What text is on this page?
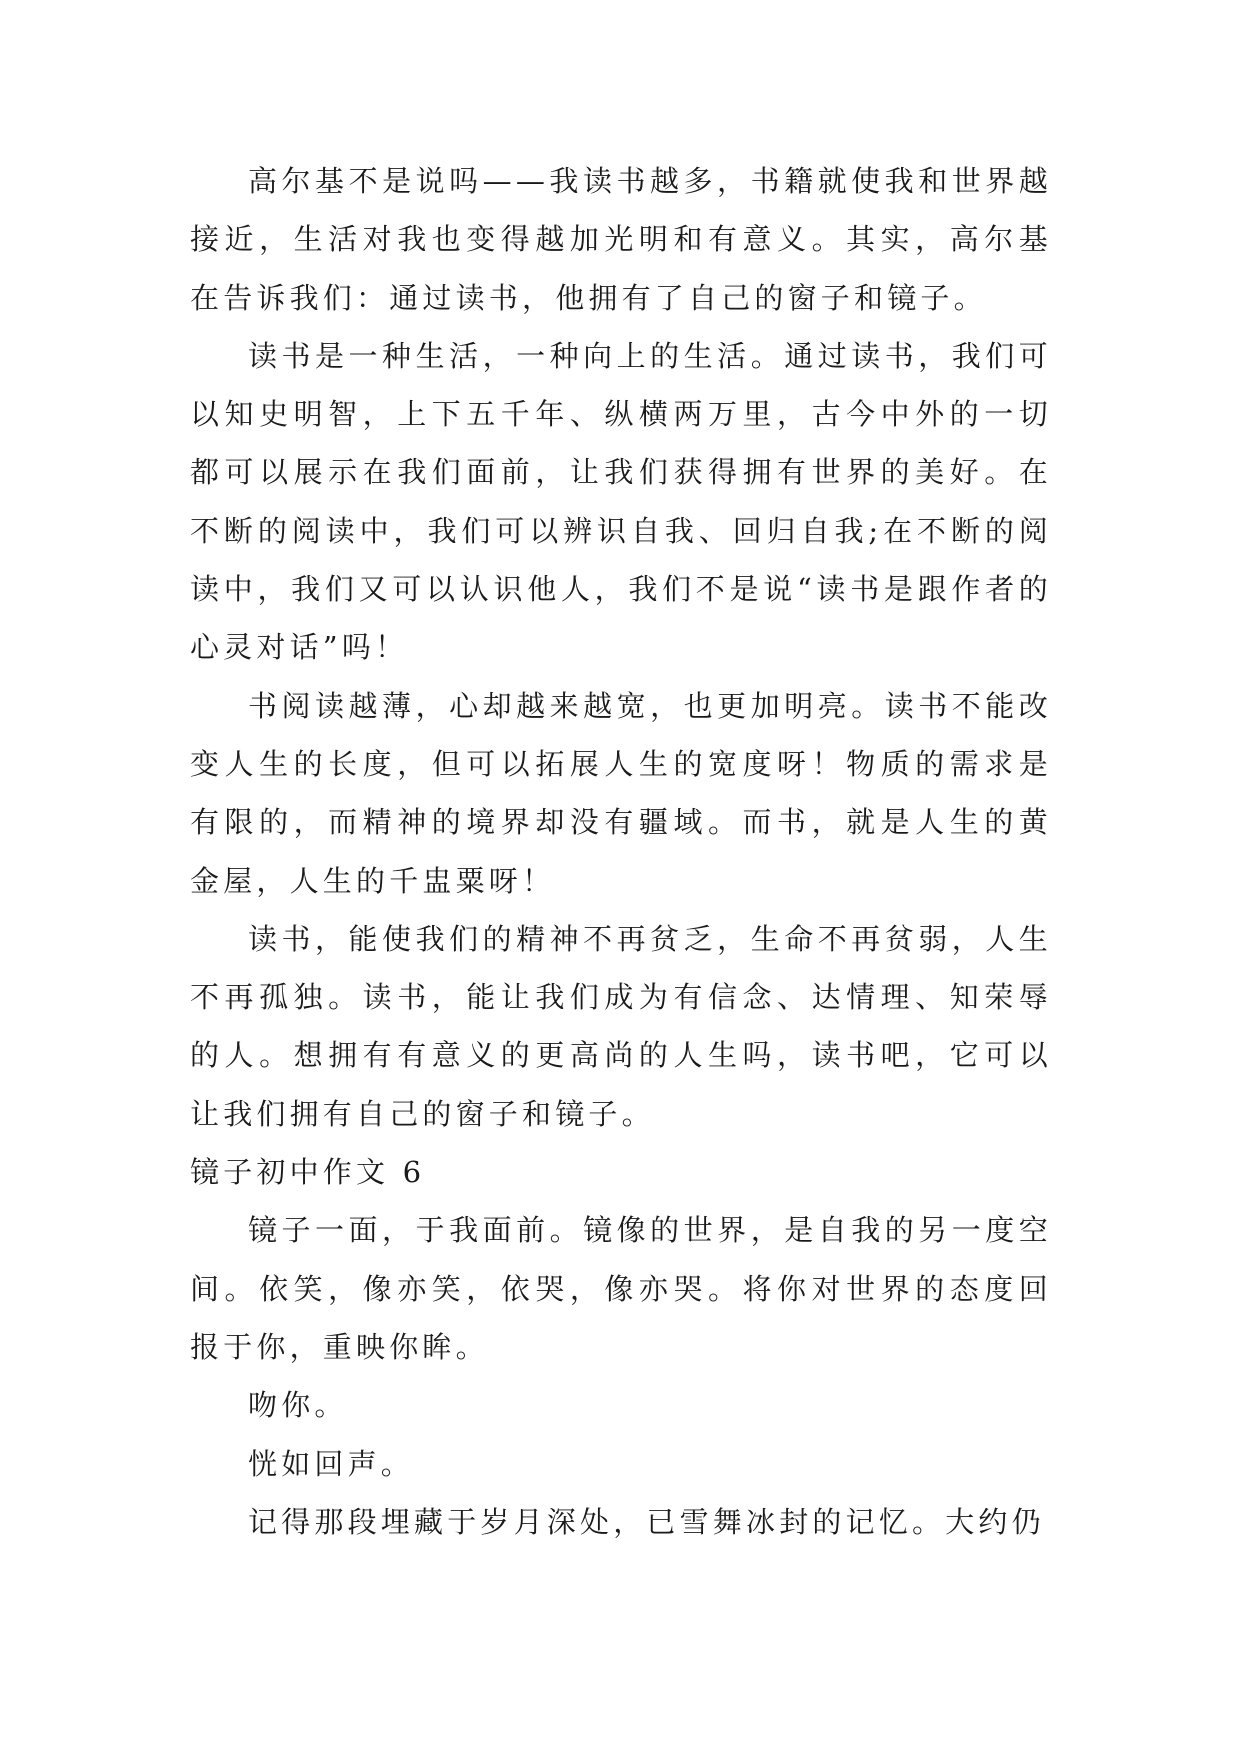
高尔基不是说吗——我读书越多，书籍就使我和世界越接近，生活对我也变得越加光明和有意义。其实，高尔基在告诉我们：通过读书，他拥有了自己的窗子和镜子。

读书是一种生活，一种向上的生活。通过读书，我们可以知史明智，上下五千年、纵横两万里，古今中外的一切都可以展示在我们面前，让我们获得拥有世界的美好。在不断的阅读中，我们可以辨识自我、回归自我;在不断的阅读中，我们又可以认识他人，我们不是说“读书是跟作者的心灵对话”吗！

书阅读越薄，心却越来越宽，也更加明亮。读书不能改变人生的长度，但可以拓展人生的宽度呀！物质的需求是有限的，而精神的境界却没有疆域。而书，就是人生的黄金屋，人生的千盅粟呀！

读书，能使我们的精神不再贫乏，生命不再贫弱，人生不再孤独。读书，能让我们成为有信念、达情理、知荣辱的人。想拥有有意义的更高尚的人生吗，读书吧，它可以让我们拥有自己的窗子和镜子。

镜子初中作文 6

镜子一面，于我面前。镜像的世界，是自我的另一度空间。依笑，像亦笑，依哭，像亦哭。将你对世界的态度回报于你，重映你眸。

吻你。

恍如回声。

记得那段埋藏于岁月深处，已雪舞冰封的记忆。大约仍
